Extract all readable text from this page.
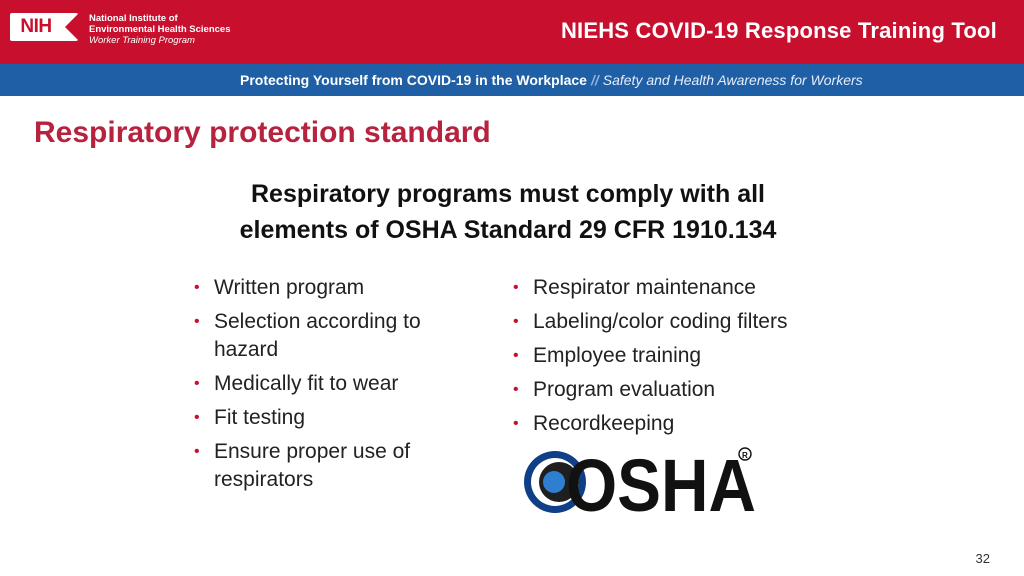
NIH	National Institute of
Environmental Health Sciences
Worker Training Program	NIEHS COVID-19 Response Training Tool
Protecting Yourself from COVID-19 in the Workplace // Safety and Health Awareness for Workers
Respiratory protection standard
Respiratory programs must comply with all
elements of OSHA Standard 29 CFR 1910.134
• Written program
• Selection according to hazard
• Medically fit to wear
• Fit testing
• Ensure proper use of respirators
• Respirator maintenance
• Labeling/color coding filters
• Employee training
• Program evaluation
• Recordkeeping
OSHA
R
32
